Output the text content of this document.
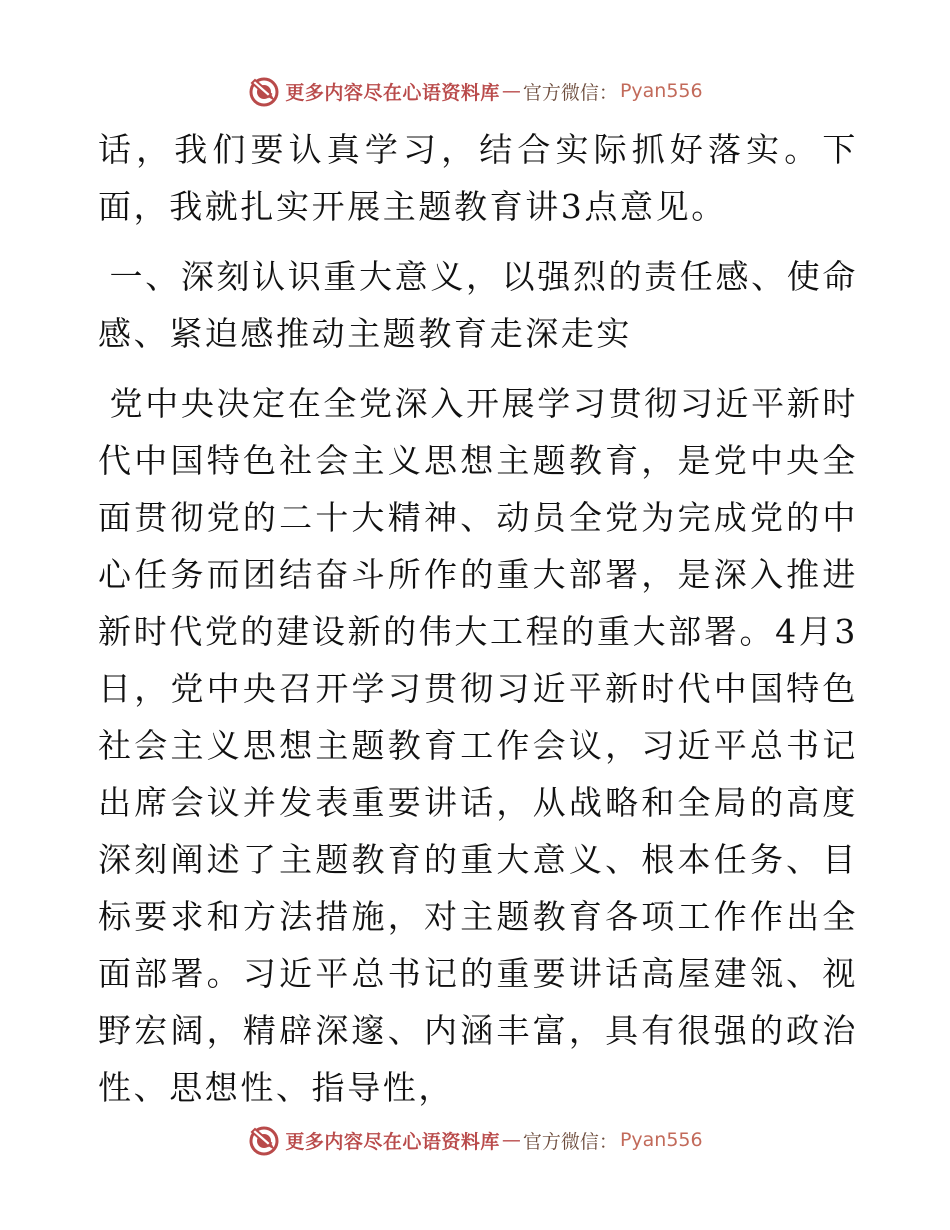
更多内容尽在心语资料库 — 官方微信： Pyan556

话，我们要认真学习，结合实际抓好落实。下面，我就扎实开展主题教育讲3点意见。

一、深刻认识重大意义，以强烈的责任感、使命感、紧迫感推动主题教育走深走实

党中央决定在全党深入开展学习贯彻习近平新时代中国特色社会主义思想主题教育，是党中央全面贯彻党的二十大精神、动员全党为完成党的中心任务而团结奋斗所作的重大部署，是深入推进新时代党的建设新的伟大工程的重大部署。4月3日，党中央召开学习贯彻习近平新时代中国特色社会主义思想主题教育工作会议，习近平总书记出席会议并发表重要讲话，从战略和全局的高度深刻阐述了主题教育的重大意义、根本任务、目标要求和方法措施，对主题教育各项工作作出全面部署。习近平总书记的重要讲话高屋建瓴、视野宏阔，精辟深邃、内涵丰富，具有很强的政治性、思想性、指导性，

更多内容尽在心语资料库 — 官方微信： Pyan556
